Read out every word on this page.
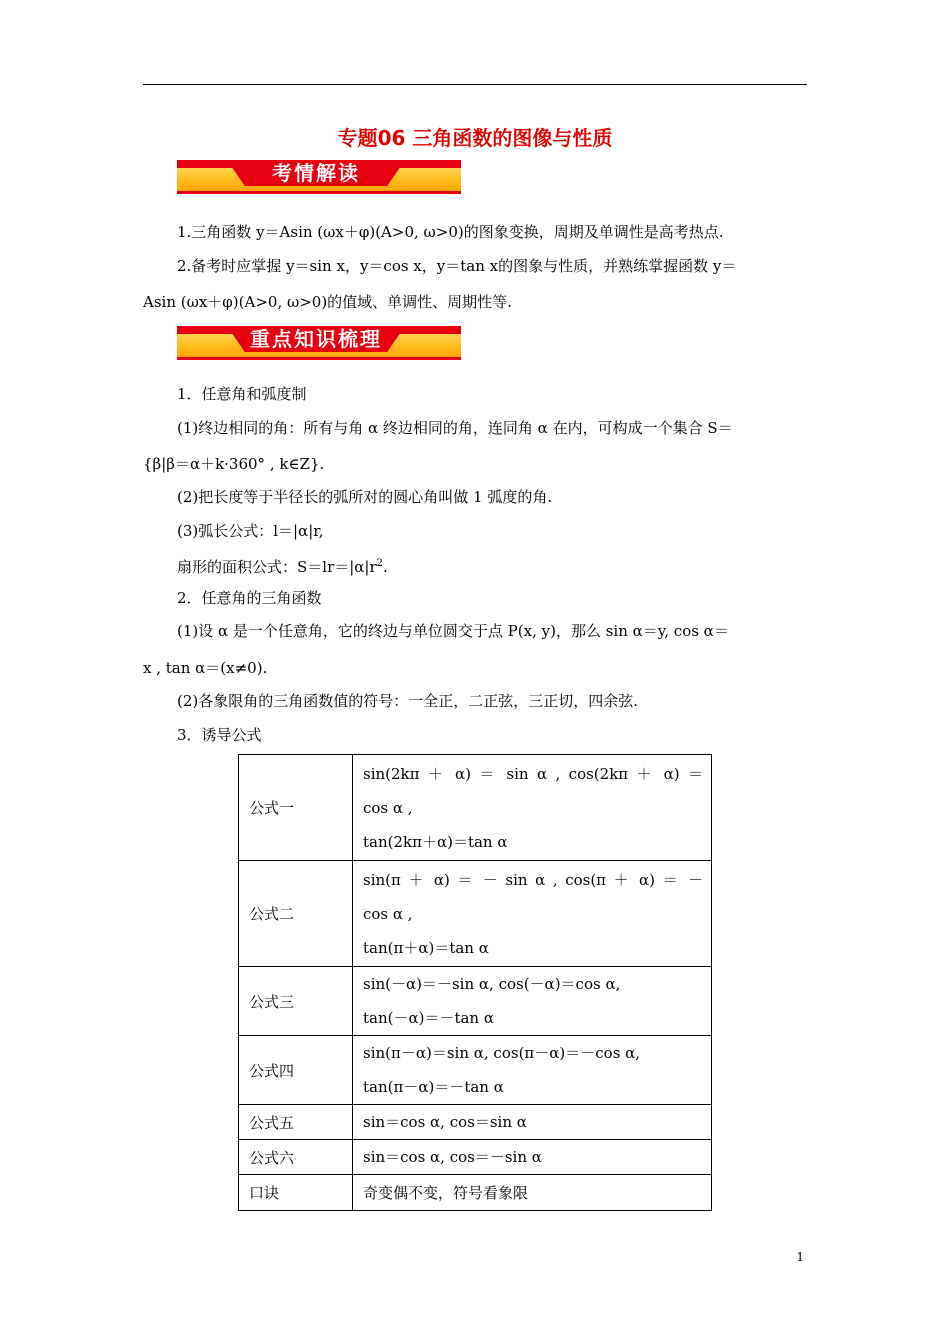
专题06 三角函数的图像与性质
考情解读
1.三角函数 y＝Asin (ωx＋φ)(A>0, ω>0)的图象变换，周期及单调性是高考热点.
2.备考时应掌握 y＝sin x，y＝cos x，y＝tan x的图象与性质，并熟练掌握函数 y＝
Asin (ωx＋φ)(A>0, ω>0)的值域、单调性、周期性等.
重点知识梳理
1．任意角和弧度制
(1)终边相同的角：所有与角 α 终边相同的角，连同角 α 在内，可构成一个集合 S＝
{β|β＝α＋k·360° , k∈Z}.
(2)把长度等于半径长的弧所对的圆心角叫做 1 弧度的角.
(3)弧长公式：l＝|α|r,
扇形的面积公式：$S=lr=|\alpha|r^2$.
2．任意角的三角函数
(1)设 α 是一个任意角，它的终边与单位圆交于点 P(x, y)，那么 sin α＝y, cos α＝
x , tan α＝(x≠0).
(2)各象限角的三角函数值的符号：一全正，二正弦，三正切，四余弦.
3．诱导公式
公式一	sin(2kπ ＋ α) ＝ sin α , cos(2kπ ＋ α) ＝
cos α ,
tan(2kπ＋α)＝tan α

公式二	sin(π ＋ α) ＝ － sin α , cos(π ＋ α) ＝ －
cos α ,
tan(π＋α)＝tan α

公式三	sin(－α)＝－sin α, cos(－α)＝cos α,
tan(－α)＝－tan α

公式四	sin(π－α)＝sin α, cos(π－α)＝－cos α,
tan(π－α)＝－tan α

公式五	sin＝cos α, cos＝sin α

公式六	sin＝cos α, cos＝－sin α

口诀	奇变偶不变，符号看象限
1
